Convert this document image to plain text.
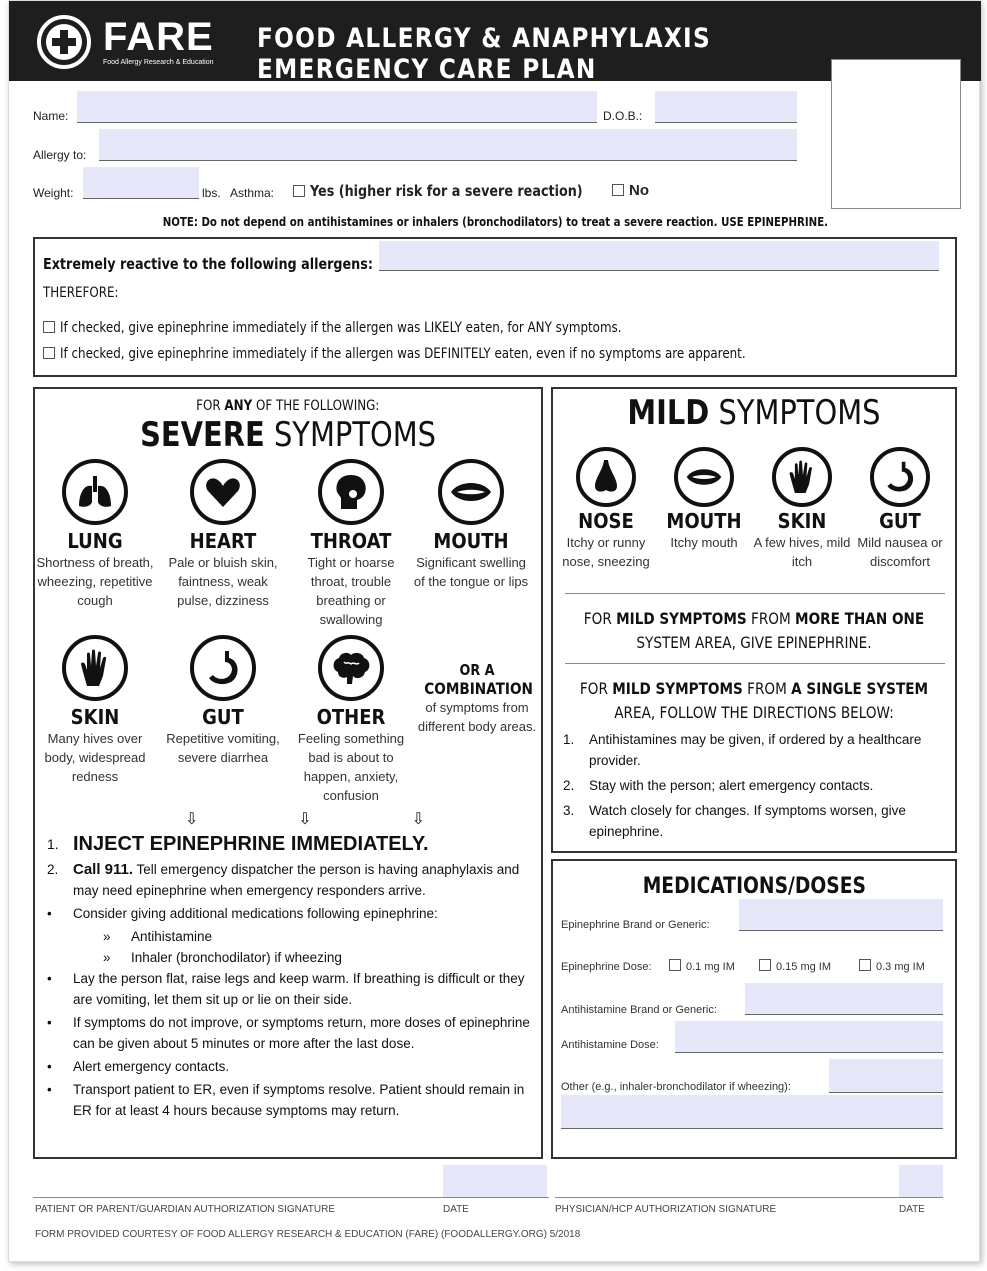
FARE
Food Allergy Research & Education
FOOD ALLERGY & ANAPHYLAXIS EMERGENCY CARE PLAN
Name:	D.O.B.:
Allergy to:
Weight:	lbs. Asthma:	Yes (higher risk for a severe reaction)	No
NOTE: Do not depend on antihistamines or inhalers (bronchodilators) to treat a severe reaction. USE EPINEPHRINE.
Extremely reactive to the following allergens:
THEREFORE:
If checked, give epinephrine immediately if the allergen was LIKELY eaten, for ANY symptoms.
If checked, give epinephrine immediately if the allergen was DEFINITELY eaten, even if no symptoms are apparent.
FOR ANY OF THE FOLLOWING:
SEVERE SYMPTOMS
LUNG
Shortness of breath, wheezing, repetitive cough
HEART
Pale or bluish skin, faintness, weak pulse, dizziness
THROAT
Tight or hoarse throat, trouble breathing or swallowing
MOUTH
Significant swelling of the tongue or lips
SKIN
Many hives over body, widespread redness
GUT
Repetitive vomiting, severe diarrhea
OTHER
Feeling something bad is about to happen, anxiety, confusion
OR A
COMBINATION
of symptoms from different body areas.
⇩	⇩	⇩
1. INJECT EPINEPHRINE IMMEDIATELY.
2. Call 911. Tell emergency dispatcher the person is having anaphylaxis and may need epinephrine when emergency responders arrive.
•	Consider giving additional medications following epinephrine:
»	Antihistamine
»	Inhaler (bronchodilator) if wheezing
•	Lay the person flat, raise legs and keep warm. If breathing is difficult or they are vomiting, let them sit up or lie on their side.
•	If symptoms do not improve, or symptoms return, more doses of epinephrine can be given about 5 minutes or more after the last dose.
•	Alert emergency contacts.
•	Transport patient to ER, even if symptoms resolve. Patient should remain in ER for at least 4 hours because symptoms may return.
MILD SYMPTOMS
NOSE
Itchy or runny nose, sneezing
MOUTH
Itchy mouth
SKIN
A few hives, mild itch
GUT
Mild nausea or discomfort
FOR MILD SYMPTOMS FROM MORE THAN ONE SYSTEM AREA, GIVE EPINEPHRINE.
FOR MILD SYMPTOMS FROM A SINGLE SYSTEM AREA, FOLLOW THE DIRECTIONS BELOW:
1.	Antihistamines may be given, if ordered by a healthcare provider.
2.	Stay with the person; alert emergency contacts.
3.	Watch closely for changes. If symptoms worsen, give epinephrine.
MEDICATIONS/DOSES
Epinephrine Brand or Generic:
Epinephrine Dose:	0.1 mg IM	0.15 mg IM	0.3 mg IM
Antihistamine Brand or Generic:
Antihistamine Dose:
Other (e.g., inhaler-bronchodilator if wheezing):
PATIENT OR PARENT/GUARDIAN AUTHORIZATION SIGNATURE	DATE	PHYSICIAN/HCP AUTHORIZATION SIGNATURE	DATE
FORM PROVIDED COURTESY OF FOOD ALLERGY RESEARCH & EDUCATION (FARE) (FOODALLERGY.ORG) 5/2018
